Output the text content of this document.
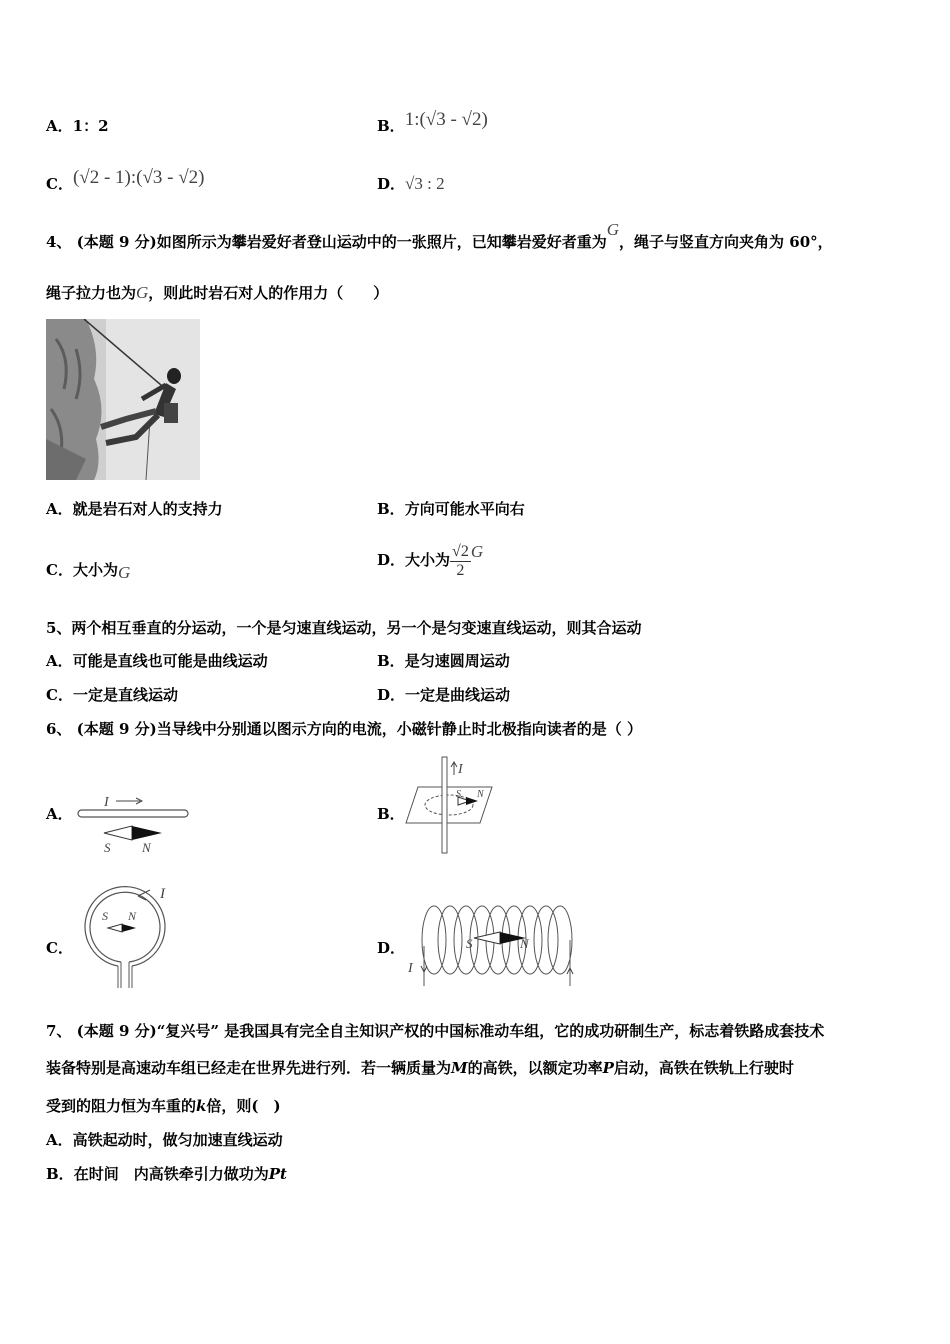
A．1：2	B．1:(√3 - √2)
C．(√2 - 1):(√3 - √2)	D．√3 : 2
4、 (本题 9 分)如图所示为攀岩爱好者登山运动中的一张照片，已知攀岩爱好者重为G，绳子与竖直方向夹角为 60°，
绳子拉力也为G，则此时岩石对人的作用力（　　）
A．就是岩石对人的支持力	B．方向可能水平向右
C．大小为G
D．大小为 $\frac{√2}{2}$ G
5、两个相互垂直的分运动，一个是匀速直线运动，另一个是匀变速直线运动，则其合运动
A．可能是直线也可能是曲线运动	B．是匀速圆周运动
C．一定是直线运动	D．一定是曲线运动
6、 (本题 9 分)当导线中分别通以图示方向的电流，小磁针静止时北极指向读者的是（ ）
A．
I
S N
B．
I
S N
C．
I
S N
D．
I
S	N
7、 (本题 9 分)“复兴号” 是我国具有完全自主知识产权的中国标准动车组，它的成功研制生产，标志着铁路成套技术
装备特别是高速动车组已经走在世界先进行列．若一辆质量为M的高铁，以额定功率P启动，高铁在铁轨上行驶时
受到的阻力恒为车重的k倍，则(　)
A．高铁起动时，做匀加速直线运动
B．在时间　内高铁牵引力做功为Pt
